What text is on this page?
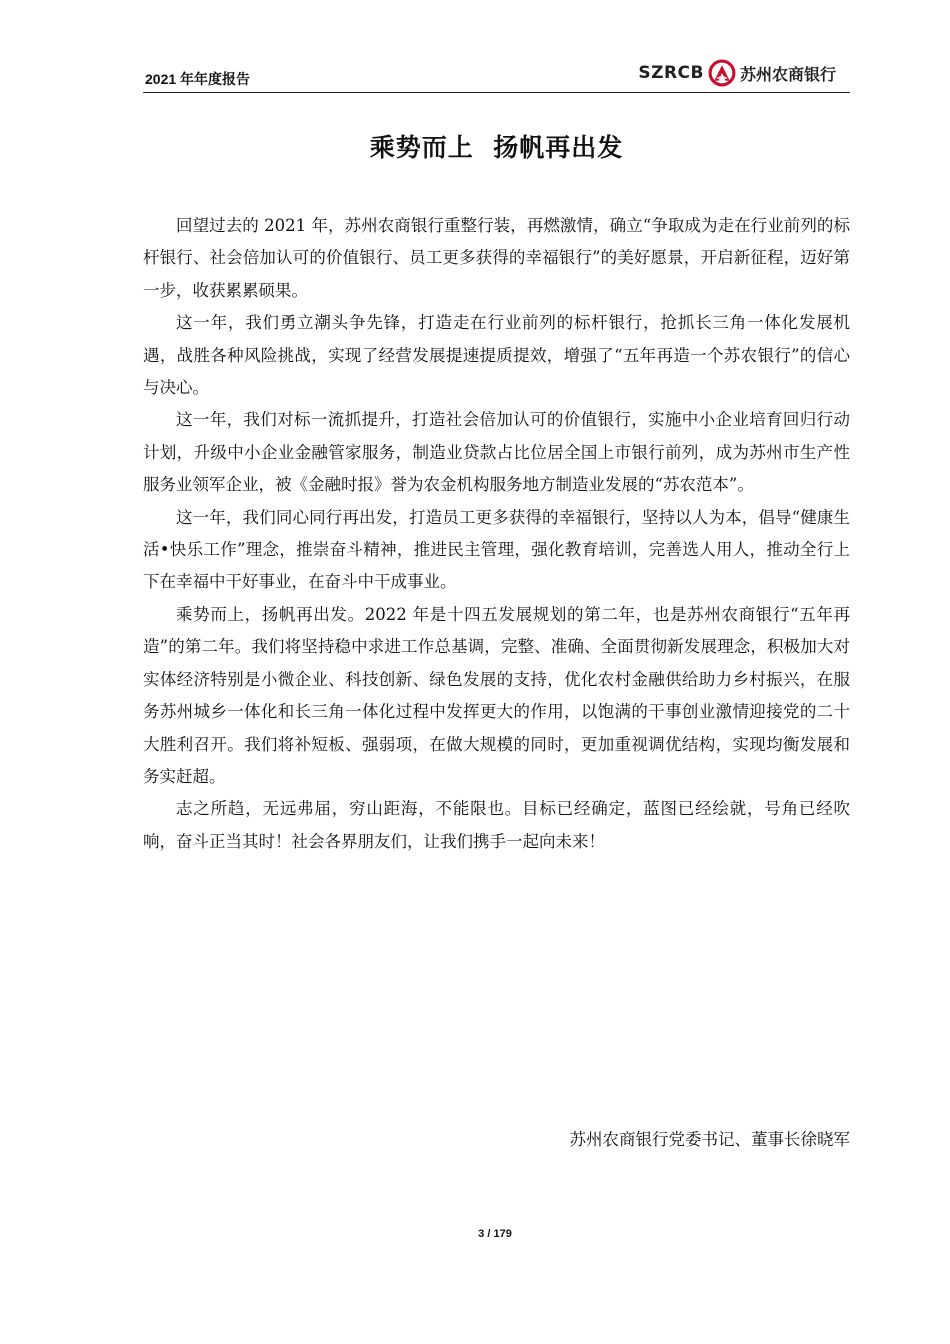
2021 年年度报告	SZRCB 苏州农商银行
乘势而上  扬帆再出发

回望过去的 2021 年，苏州农商银行重整行装，再燃激情，确立“争取成为走在行业前列的标杆银行、社会倍加认可的价值银行、员工更多获得的幸福银行”的美好愿景，开启新征程，迈好第一步，收获累累硕果。

这一年，我们勇立潮头争先锋，打造走在行业前列的标杆银行，抢抓长三角一体化发展机遇，战胜各种风险挑战，实现了经营发展提速提质提效，增强了“五年再造一个苏农银行”的信心与决心。

这一年，我们对标一流抓提升，打造社会倍加认可的价值银行，实施中小企业培育回归行动计划，升级中小企业金融管家服务，制造业贷款占比位居全国上市银行前列，成为苏州市生产性服务业领军企业，被《金融时报》誉为农金机构服务地方制造业发展的“苏农范本”。

这一年，我们同心同行再出发，打造员工更多获得的幸福银行，坚持以人为本，倡导“健康生活•快乐工作”理念，推崇奋斗精神，推进民主管理，强化教育培训，完善选人用人，推动全行上下在幸福中干好事业，在奋斗中干成事业。

乘势而上，扬帆再出发。2022 年是十四五发展规划的第二年，也是苏州农商银行“五年再造”的第二年。我们将坚持稳中求进工作总基调，完整、准确、全面贯彻新发展理念，积极加大对实体经济特别是小微企业、科技创新、绿色发展的支持，优化农村金融供给助力乡村振兴，在服务苏州城乡一体化和长三角一体化过程中发挥更大的作用，以饱满的干事创业激情迎接党的二十大胜利召开。我们将补短板、强弱项，在做大规模的同时，更加重视调优结构，实现均衡发展和务实赶超。

志之所趋，无远弗届，穷山距海，不能限也。目标已经确定，蓝图已经绘就，号角已经吹响，奋斗正当其时！社会各界朋友们，让我们携手一起向未来！

苏州农商银行党委书记、董事长徐晓军
3 / 179
